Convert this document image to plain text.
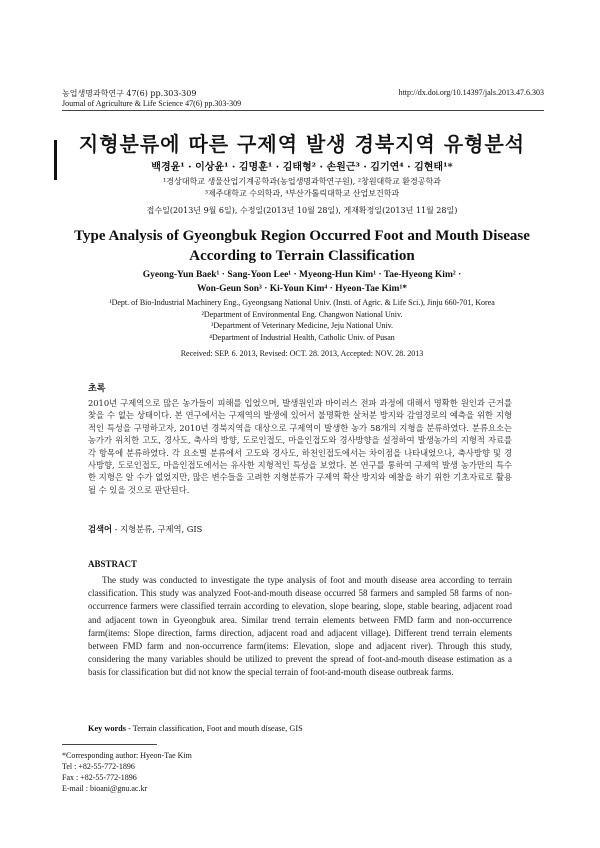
농업생명과학연구 47(6) pp.303-309
Journal of Agriculture & Life Science 47(6) pp.303-309
http://dx.doi.org/10.14397/jals.2013.47.6.303
지형분류에 따른 구제역 발생 경북지역 유형분석
백경윤¹ · 이상윤¹ · 김명훈¹ · 김태형² · 손원근³ · 김기연⁴ · 김현태¹*
¹경상대학교 생물산업기계공학과(농업생명과학연구원), ²창원대학교 환경공학과
³제주대학교 수의학과, ⁴부산가톨릭대학교 산업보건학과
접수일(2013년 9월 6일), 수정일(2013년 10월 28일), 게재확정일(2013년 11월 28일)
Type Analysis of Gyeongbuk Region Occurred Foot and Mouth Disease
According to Terrain Classification
Gyeong-Yun Baek¹ · Sang-Yoon Lee¹ · Myeong-Hun Kim¹ · Tae-Hyeong Kim² ·
Won-Geun Son³ · Ki-Youn Kim⁴ · Hyeon-Tae Kim¹*
¹Dept. of Bio-Industrial Machinery Eng., Gyeongsang National Univ. (Insti. of Agric. & Life Sci.), Jinju 660-701, Korea
²Department of Environmental Eng. Changwon National Univ.
³Department of Veterinary Medicine, Jeju National Univ.
⁴Department of Industrial Health, Catholic Univ. of Pusan
Received: SEP. 6. 2013, Revised: OCT. 28. 2013, Accepted: NOV. 28. 2013
초록
2010년 구제역으로 많은 농가들이 피해를 입었으며, 발생원인과 바이러스 전파 과정에 대해서 명확한 원인과 근거를 찾을 수 없는 상태이다. 본 연구에서는 구제역의 발생에 있어서 불명확한 살처분 방지와 감염경로의 예측을 위한 지형적인 특성을 구명하고자, 2010년 경북지역을 대상으로 구제역이 발생한 농가 58개의 지형을 분류하였다. 분류요소는 농가가 위치한 고도, 경사도, 축사의 방향, 도로인접도, 마을인접도와 경사방향을 설정하여 발생농가의 지형적 자료를 각 항목에 분류하였다. 각 요소별 분류에서 고도와 경사도, 하천인접도에서는 차이점을 나타내었으나, 축사방향 및 경사방향, 도로인접도, 마을인접도에서는 유사한 지형적인 특성을 보였다. 본 연구를 통하여 구제역 발생 농가만의 특수한 지형은 알 수가 없었지만, 많은 변수들을 고려한 지형분류가 구제역 확산 방지와 예찰을 하기 위한 기초자료로 활용 될 수 있을 것으로 판단된다.
검색어 - 지형분류, 구제역, GIS
ABSTRACT
The study was conducted to investigate the type analysis of foot and mouth disease area according to terrain classification. This study was analyzed Foot-and-mouth disease occurred 58 farmers and sampled 58 farms of non-occurrence farmers were classified terrain according to elevation, slope bearing, slope, stable bearing, adjacent road and adjacent town in Gyeongbuk area. Similar trend terrain elements between FMD farm and non-occurrence farm(items: Slope direction, farms direction, adjacent road and adjacent village). Different trend terrain elements between FMD farm and non-occurrence farm(items: Elevation, slope and adjacent river). Through this study, considering the many variables should be utilized to prevent the spread of foot-and-mouth disease estimation as a basis for classification but did not know the special terrain of foot-and-mouth disease outbreak farms.
Key words - Terrain classification, Foot and mouth disease, GIS
*Corresponding author: Hyeon-Tae Kim
Tel : +82-55-772-1896
Fax : +82-55-772-1896
E-mail : bioani@gnu.ac.kr
